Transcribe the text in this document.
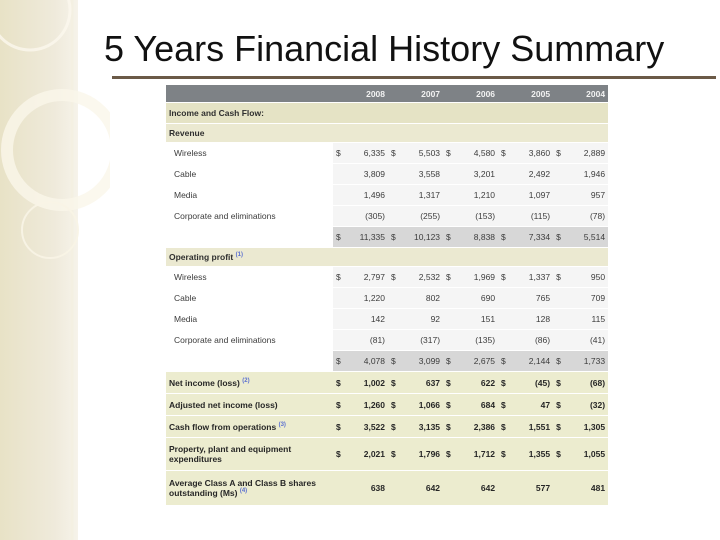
5 Years Financial History Summary
	2008		2007		2006		2005		2004	
Income and Cash Flow:										
Revenue										
Wireless	$	6,335	$	5,503	$	4,580	$	3,860	$	2,889
Cable		3,809		3,558		3,201		2,492		1,946
Media		1,496		1,317		1,210		1,097		957
Corporate and eliminations		(305)		(255)		(153)		(115)		(78)
	$	11,335	$	10,123	$	8,838	$	7,334	$	5,514
Operating profit $^{(1)}$
Wireless	$	2,797	$	2,532	$	1,969	$	1,337	$	950
Cable		1,220		802		690		765		709
Media		142		92		151		128		115
Corporate and eliminations		(81)		(317)		(135)		(86)		(41)
	$	4,078	$	3,099	$	2,675	$	2,144	$	1,733
Net income (loss) $^{(2)}$	$	1,002	$	637	$	622	$	(45)	$	(68)
Adjusted net income (loss)	$	1,260	$	1,066	$	684	$	47	$	(32)
Cash flow from operations $^{(3)}$	$	3,522	$	3,135	$	2,386	$	1,551	$	1,305

Property, plant and equipment
expenditures	$	2,021	$	1,796	$	1,712	$	1,355	$	1,055

Average Class A and Class B shares
outstanding (Ms) $^{(4)}$		638		642		642		577		481
